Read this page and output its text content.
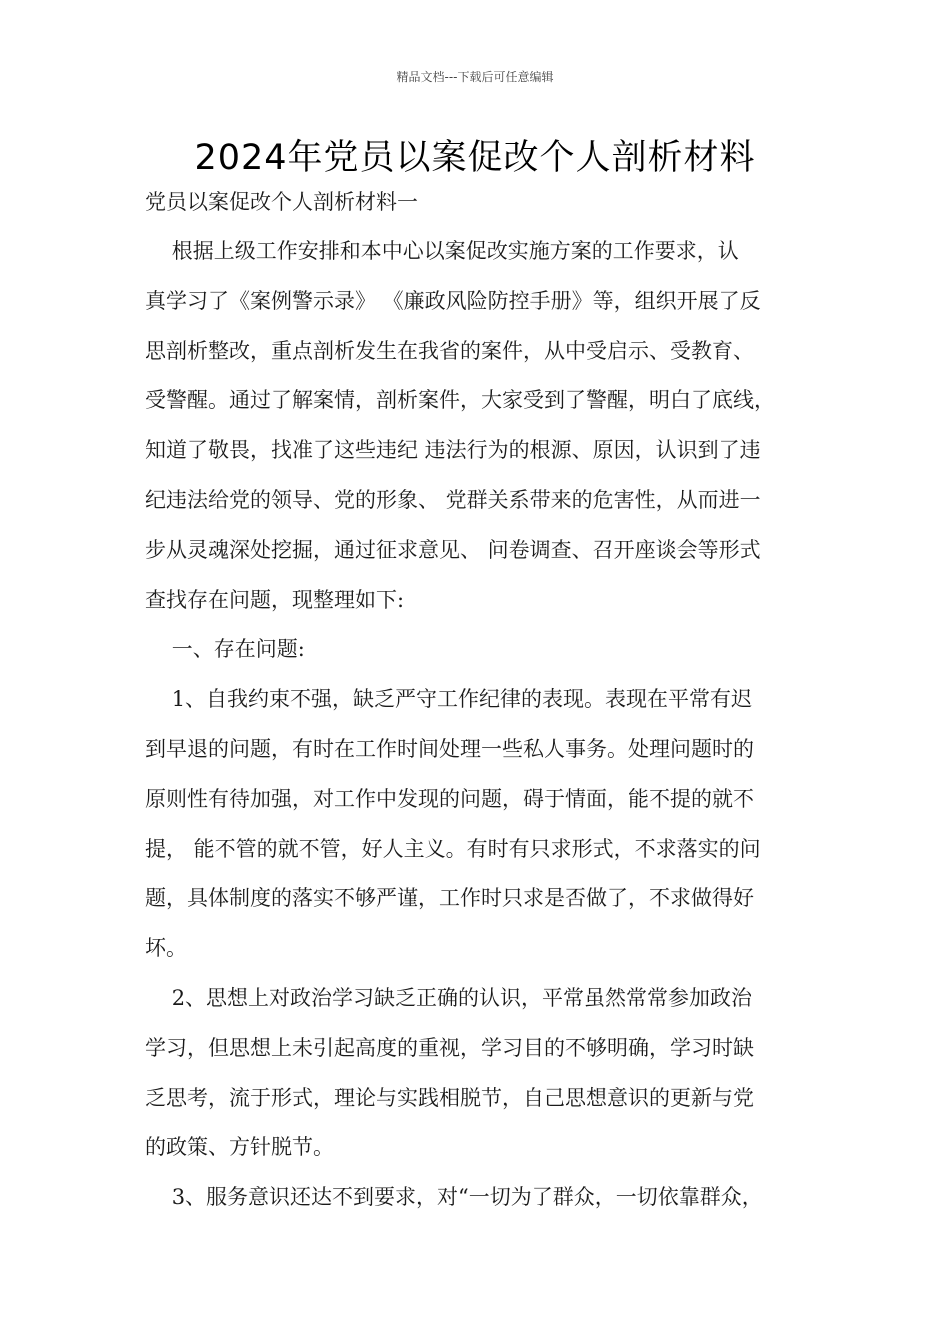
精品文档---下载后可任意编辑
2024年党员以案促改个人剖析材料
党员以案促改个人剖析材料一
根据上级工作安排和本中心以案促改实施方案的工作要求，认
真学习了《案例警示录》 《廉政风险防控手册》等，组织开展了反
思剖析整改，重点剖析发生在我省的案件，从中受启示、受教育、
受警醒。通过了解案情，剖析案件，大家受到了警醒，明白了底线，
知道了敬畏，找准了这些违纪 违法行为的根源、原因，认识到了违
纪违法给党的领导、党的形象、 党群关系带来的危害性，从而进一
步从灵魂深处挖掘，通过征求意见、 问卷调查、召开座谈会等形式
查找存在问题，现整理如下:
一、存在问题:
1、自我约束不强，缺乏严守工作纪律的表现。表现在平常有迟
到早退的问题，有时在工作时间处理一些私人事务。处理问题时的
原则性有待加强，对工作中发现的问题，碍于情面，能不提的就不
提， 能不管的就不管，好人主义。有时有只求形式，不求落实的问
题，具体制度的落实不够严谨，工作时只求是否做了，不求做得好
坏。
2、思想上对政治学习缺乏正确的认识，平常虽然常常参加政治
学习，但思想上未引起高度的重视，学习目的不够明确，学习时缺
乏思考，流于形式，理论与实践相脱节，自己思想意识的更新与党
的政策、方针脱节。
3、服务意识还达不到要求，对“一切为了群众，一切依靠群众，
